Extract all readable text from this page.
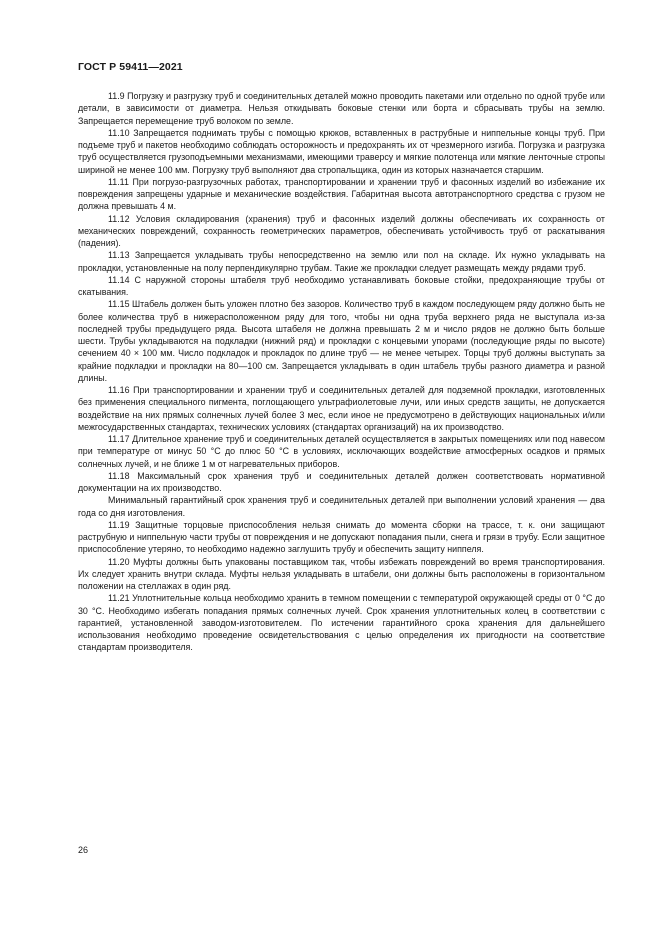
ГОСТ Р 59411—2021

11.9 Погрузку и разгрузку труб и соединительных деталей можно проводить пакетами или отдельно по одной трубе или детали, в зависимости от диаметра. Нельзя откидывать боковые стенки или борта и сбрасывать трубы на землю. Запрещается перемещение труб волоком по земле.

11.10 Запрещается поднимать трубы с помощью крюков, вставленных в раструбные и ниппельные концы труб. При подъеме труб и пакетов необходимо соблюдать осторожность и предохранять их от чрезмерного изгиба. Погрузка и разгрузка труб осуществляется грузоподъемными механизмами, имеющими траверсу и мягкие полотенца или мягкие ленточные стропы шириной не менее 100 мм. Погрузку труб выполняют два стропальщика, один из которых назначается старшим.

11.11 При погрузо-разгрузочных работах, транспортировании и хранении труб и фасонных изделий во избежание их повреждения запрещены ударные и механические воздействия. Габаритная высота автотранспортного средства с грузом не должна превышать 4 м.

11.12 Условия складирования (хранения) труб и фасонных изделий должны обеспечивать их сохранность от механических повреждений, сохранность геометрических параметров, обеспечивать устойчивость труб от раскатывания (падения).

11.13 Запрещается укладывать трубы непосредственно на землю или пол на складе. Их нужно укладывать на прокладки, установленные на полу перпендикулярно трубам. Такие же прокладки следует размещать между рядами труб.

11.14 С наружной стороны штабеля труб необходимо устанавливать боковые стойки, предохраняющие трубы от скатывания.

11.15 Штабель должен быть уложен плотно без зазоров. Количество труб в каждом последующем ряду должно быть не более количества труб в нижерасположенном ряду для того, чтобы ни одна труба верхнего ряда не выступала из-за последней трубы предыдущего ряда. Высота штабеля не должна превышать 2 м и число рядов не должно быть больше шести. Трубы укладываются на подкладки (нижний ряд) и прокладки с концевыми упорами (последующие ряды по высоте) сечением 40 × 100 мм. Число подкладок и прокладок по длине труб — не менее четырех. Торцы труб должны выступать за крайние подкладки и прокладки на 80—100 см. Запрещается укладывать в один штабель трубы разного диаметра и разной длины.

11.16 При транспортировании и хранении труб и соединительных деталей для подземной прокладки, изготовленных без применения специального пигмента, поглощающего ультрафиолетовые лучи, или иных средств защиты, не допускается воздействие на них прямых солнечных лучей более 3 мес, если иное не предусмотрено в действующих национальных и/или межгосударственных стандартах, технических условиях (стандартах организаций) на их производство.

11.17 Длительное хранение труб и соединительных деталей осуществляется в закрытых помещениях или под навесом при температуре от минус 50 °C до плюс 50 °C в условиях, исключающих воздействие атмосферных осадков и прямых солнечных лучей, и не ближе 1 м от нагревательных приборов.

11.18 Максимальный срок хранения труб и соединительных деталей должен соответствовать нормативной документации на их производство.

Минимальный гарантийный срок хранения труб и соединительных деталей при выполнении условий хранения — два года со дня изготовления.

11.19 Защитные торцовые приспособления нельзя снимать до момента сборки на трассе, т. к. они защищают раструбную и ниппельную части трубы от повреждения и не допускают попадания пыли, снега и грязи в трубу. Если защитное приспособление утеряно, то необходимо надежно заглушить трубу и обеспечить защиту ниппеля.

11.20 Муфты должны быть упакованы поставщиком так, чтобы избежать повреждений во время транспортирования. Их следует хранить внутри склада. Муфты нельзя укладывать в штабели, они должны быть расположены в горизонтальном положении на стеллажах в один ряд.

11.21 Уплотнительные кольца необходимо хранить в темном помещении с температурой окружающей среды от 0 °C до 30 °C. Необходимо избегать попадания прямых солнечных лучей. Срок хранения уплотнительных колец в соответствии с гарантией, установленной заводом-изготовителем. По истечении гарантийного срока хранения для дальнейшего использования необходимо проведение освидетельствования с целью определения их пригодности на соответствие стандартам производителя.

26
